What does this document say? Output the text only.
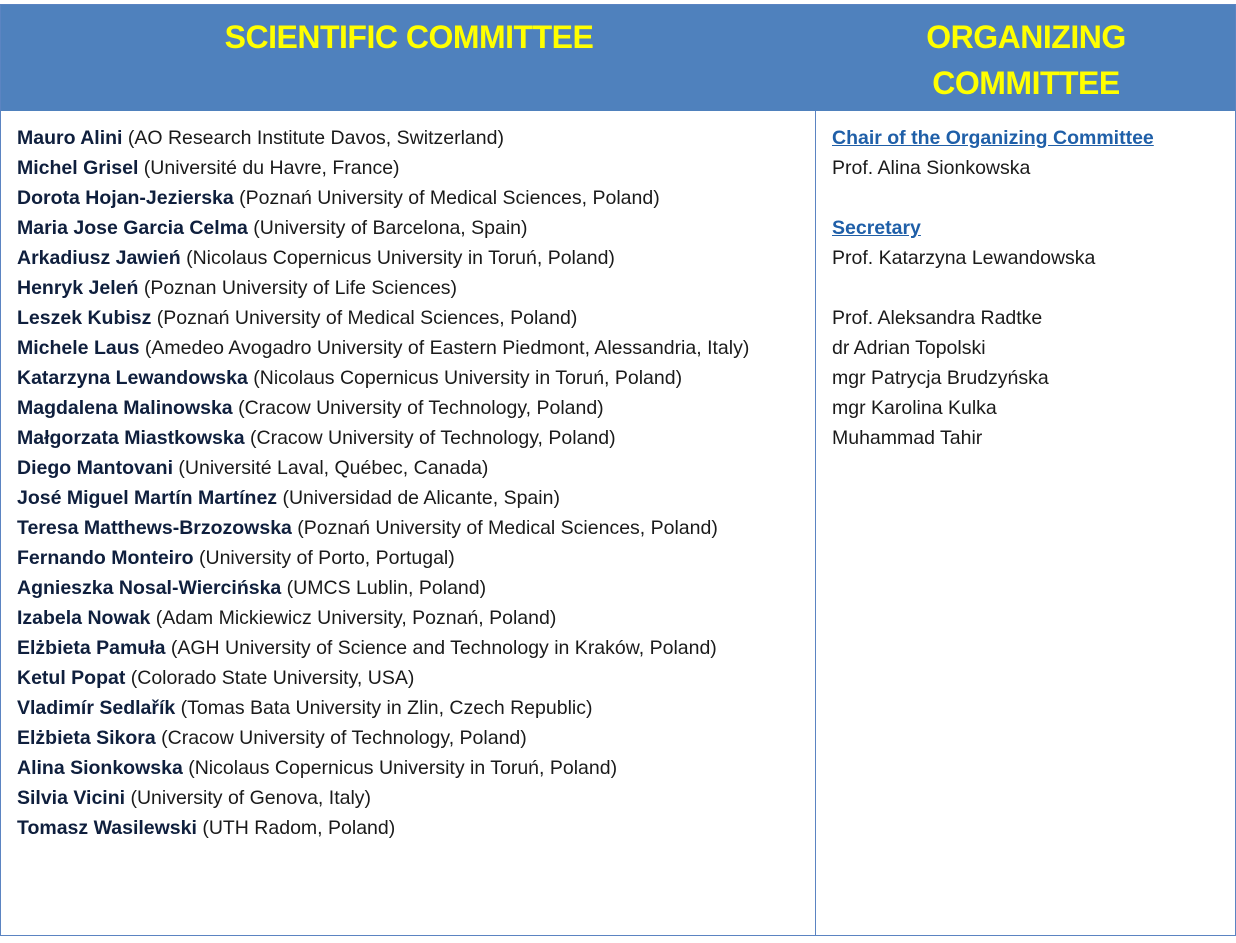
SCIENTIFIC COMMITTEE	ORGANIZING
COMMITTEE
Mauro Alini (AO Research Institute Davos, Switzerland)
Michel Grisel (Université du Havre, France)
Dorota Hojan-Jezierska (Poznań University of Medical Sciences, Poland)
Maria Jose Garcia Celma (University of Barcelona, Spain)
Arkadiusz Jawień (Nicolaus Copernicus University in Toruń, Poland)
Henryk Jeleń (Poznan University of Life Sciences)
Leszek Kubisz (Poznań University of Medical Sciences, Poland)
Michele Laus (Amedeo Avogadro University of Eastern Piedmont, Alessandria, Italy)
Katarzyna Lewandowska (Nicolaus Copernicus University in Toruń, Poland)
Magdalena Malinowska (Cracow University of Technology, Poland)
Małgorzata Miastkowska (Cracow University of Technology, Poland)
Diego Mantovani (Université Laval, Québec, Canada)
José Miguel Martín Martínez (Universidad de Alicante, Spain)
Teresa Matthews-Brzozowska (Poznań University of Medical Sciences, Poland)
Fernando Monteiro (University of Porto, Portugal)
Agnieszka Nosal-Wiercińska (UMCS Lublin, Poland)
Izabela Nowak (Adam Mickiewicz University, Poznań, Poland)
Elżbieta Pamuła (AGH University of Science and Technology in Kraków, Poland)
Ketul Popat (Colorado State University, USA)
Vladimír Sedlařík (Tomas Bata University in Zlin, Czech Republic)
Elżbieta Sikora (Cracow University of Technology, Poland)
Alina Sionkowska (Nicolaus Copernicus University in Toruń, Poland)
Silvia Vicini (University of Genova, Italy)
Tomasz Wasilewski (UTH Radom, Poland)
Chair of the Organizing Committee
Prof. Alina Sionkowska
Secretary
Prof. Katarzyna Lewandowska
Prof. Aleksandra Radtke
dr Adrian Topolski
mgr Patrycja Brudzyńska
mgr Karolina Kulka
Muhammad Tahir
